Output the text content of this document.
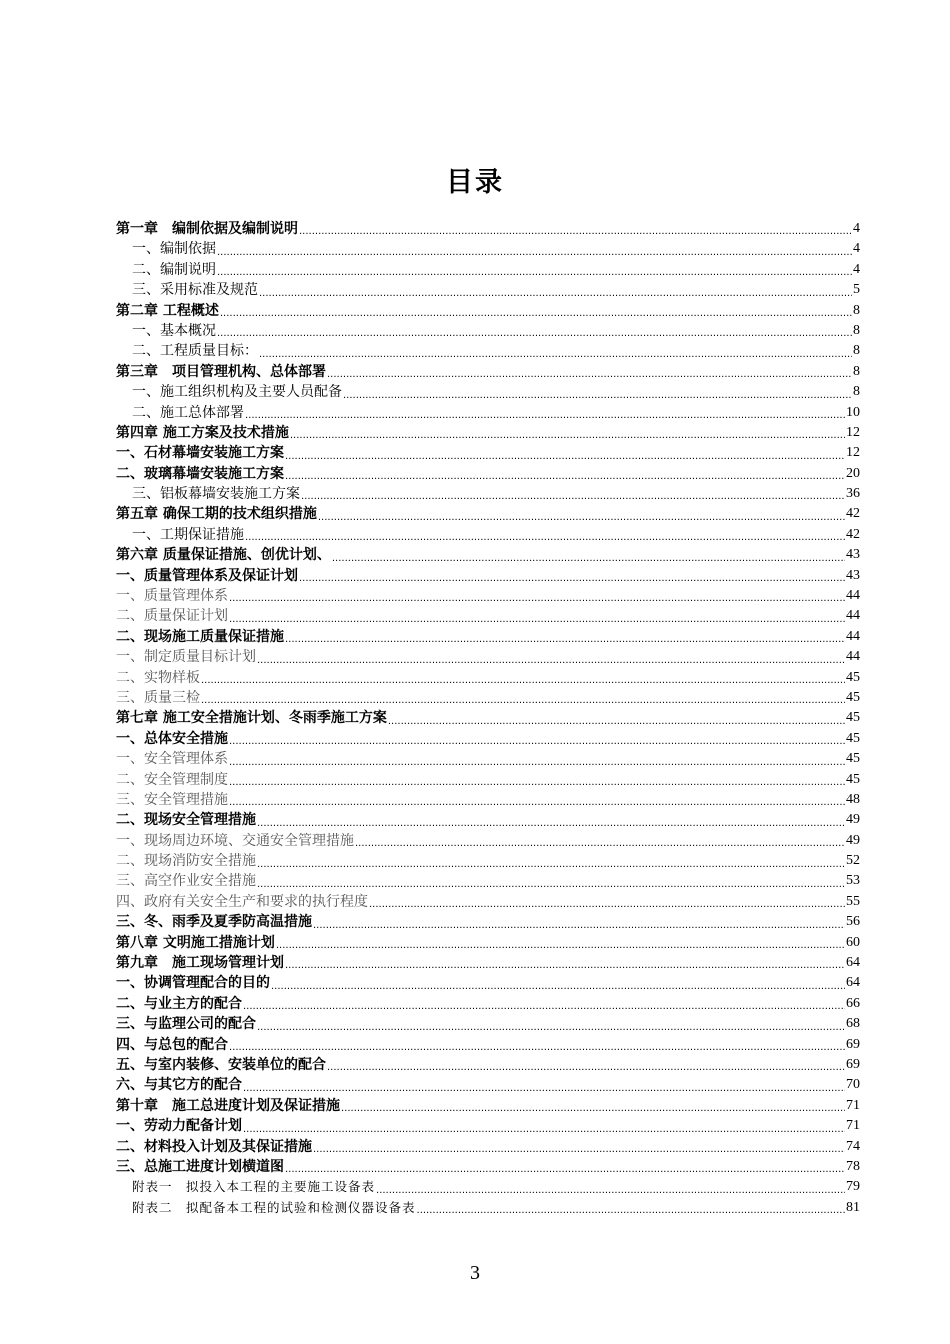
目录
第一章　编制依据及编制说明 .....	4
一、编制依据 .....	4
二、编制说明 .....	4
三、采用标准及规范 .....	5
第二章 工程概述 .....	8
一、基本概况 .....	8
二、工程质量目标： .....	8
第三章　项目管理机构、总体部署 .....	8
一、施工组织机构及主要人员配备 .....	8
二、施工总体部署 .....	10
第四章 施工方案及技术措施 .....	12
一、石材幕墙安装施工方案 .....	12
二、玻璃幕墙安装施工方案 .....	20
三、铝板幕墙安装施工方案 .....	36
第五章 确保工期的技术组织措施 .....	42
一、工期保证措施 .....	42
第六章 质量保证措施、创优计划、 .....	43
一、质量管理体系及保证计划 .....	43
一、质量管理体系 .....	44
二、质量保证计划 .....	44
二、现场施工质量保证措施 .....	44
一、制定质量目标计划 .....	44
二、实物样板 .....	45
三、质量三检 .....	45
第七章 施工安全措施计划、冬雨季施工方案 .....	45
一、总体安全措施 .....	45
一、安全管理体系 .....	45
二、安全管理制度 .....	45
三、安全管理措施 .....	48
二、现场安全管理措施 .....	49
一、现场周边环境、交通安全管理措施 .....	49
二、现场消防安全措施 .....	52
三、高空作业安全措施 .....	53
四、政府有关安全生产和要求的执行程度 .....	55
三、冬、雨季及夏季防高温措施 .....	56
第八章 文明施工措施计划 .....	60
第九章　施工现场管理计划 .....	64
一、协调管理配合的目的 .....	64
二、与业主方的配合 .....	66
三、与监理公司的配合 .....	68
四、与总包的配合 .....	69
五、与室内装修、安装单位的配合 .....	69
六、与其它方的配合 .....	70
第十章　施工总进度计划及保证措施 .....	71
一、劳动力配备计划 .....	71
二、材料投入计划及其保证措施 .....	74
三、总施工进度计划横道图 .....	78
附表一　拟投入本工程的主要施工设备表 .....	79
附表二　拟配备本工程的试验和检测仪器设备表 .....	81
3
